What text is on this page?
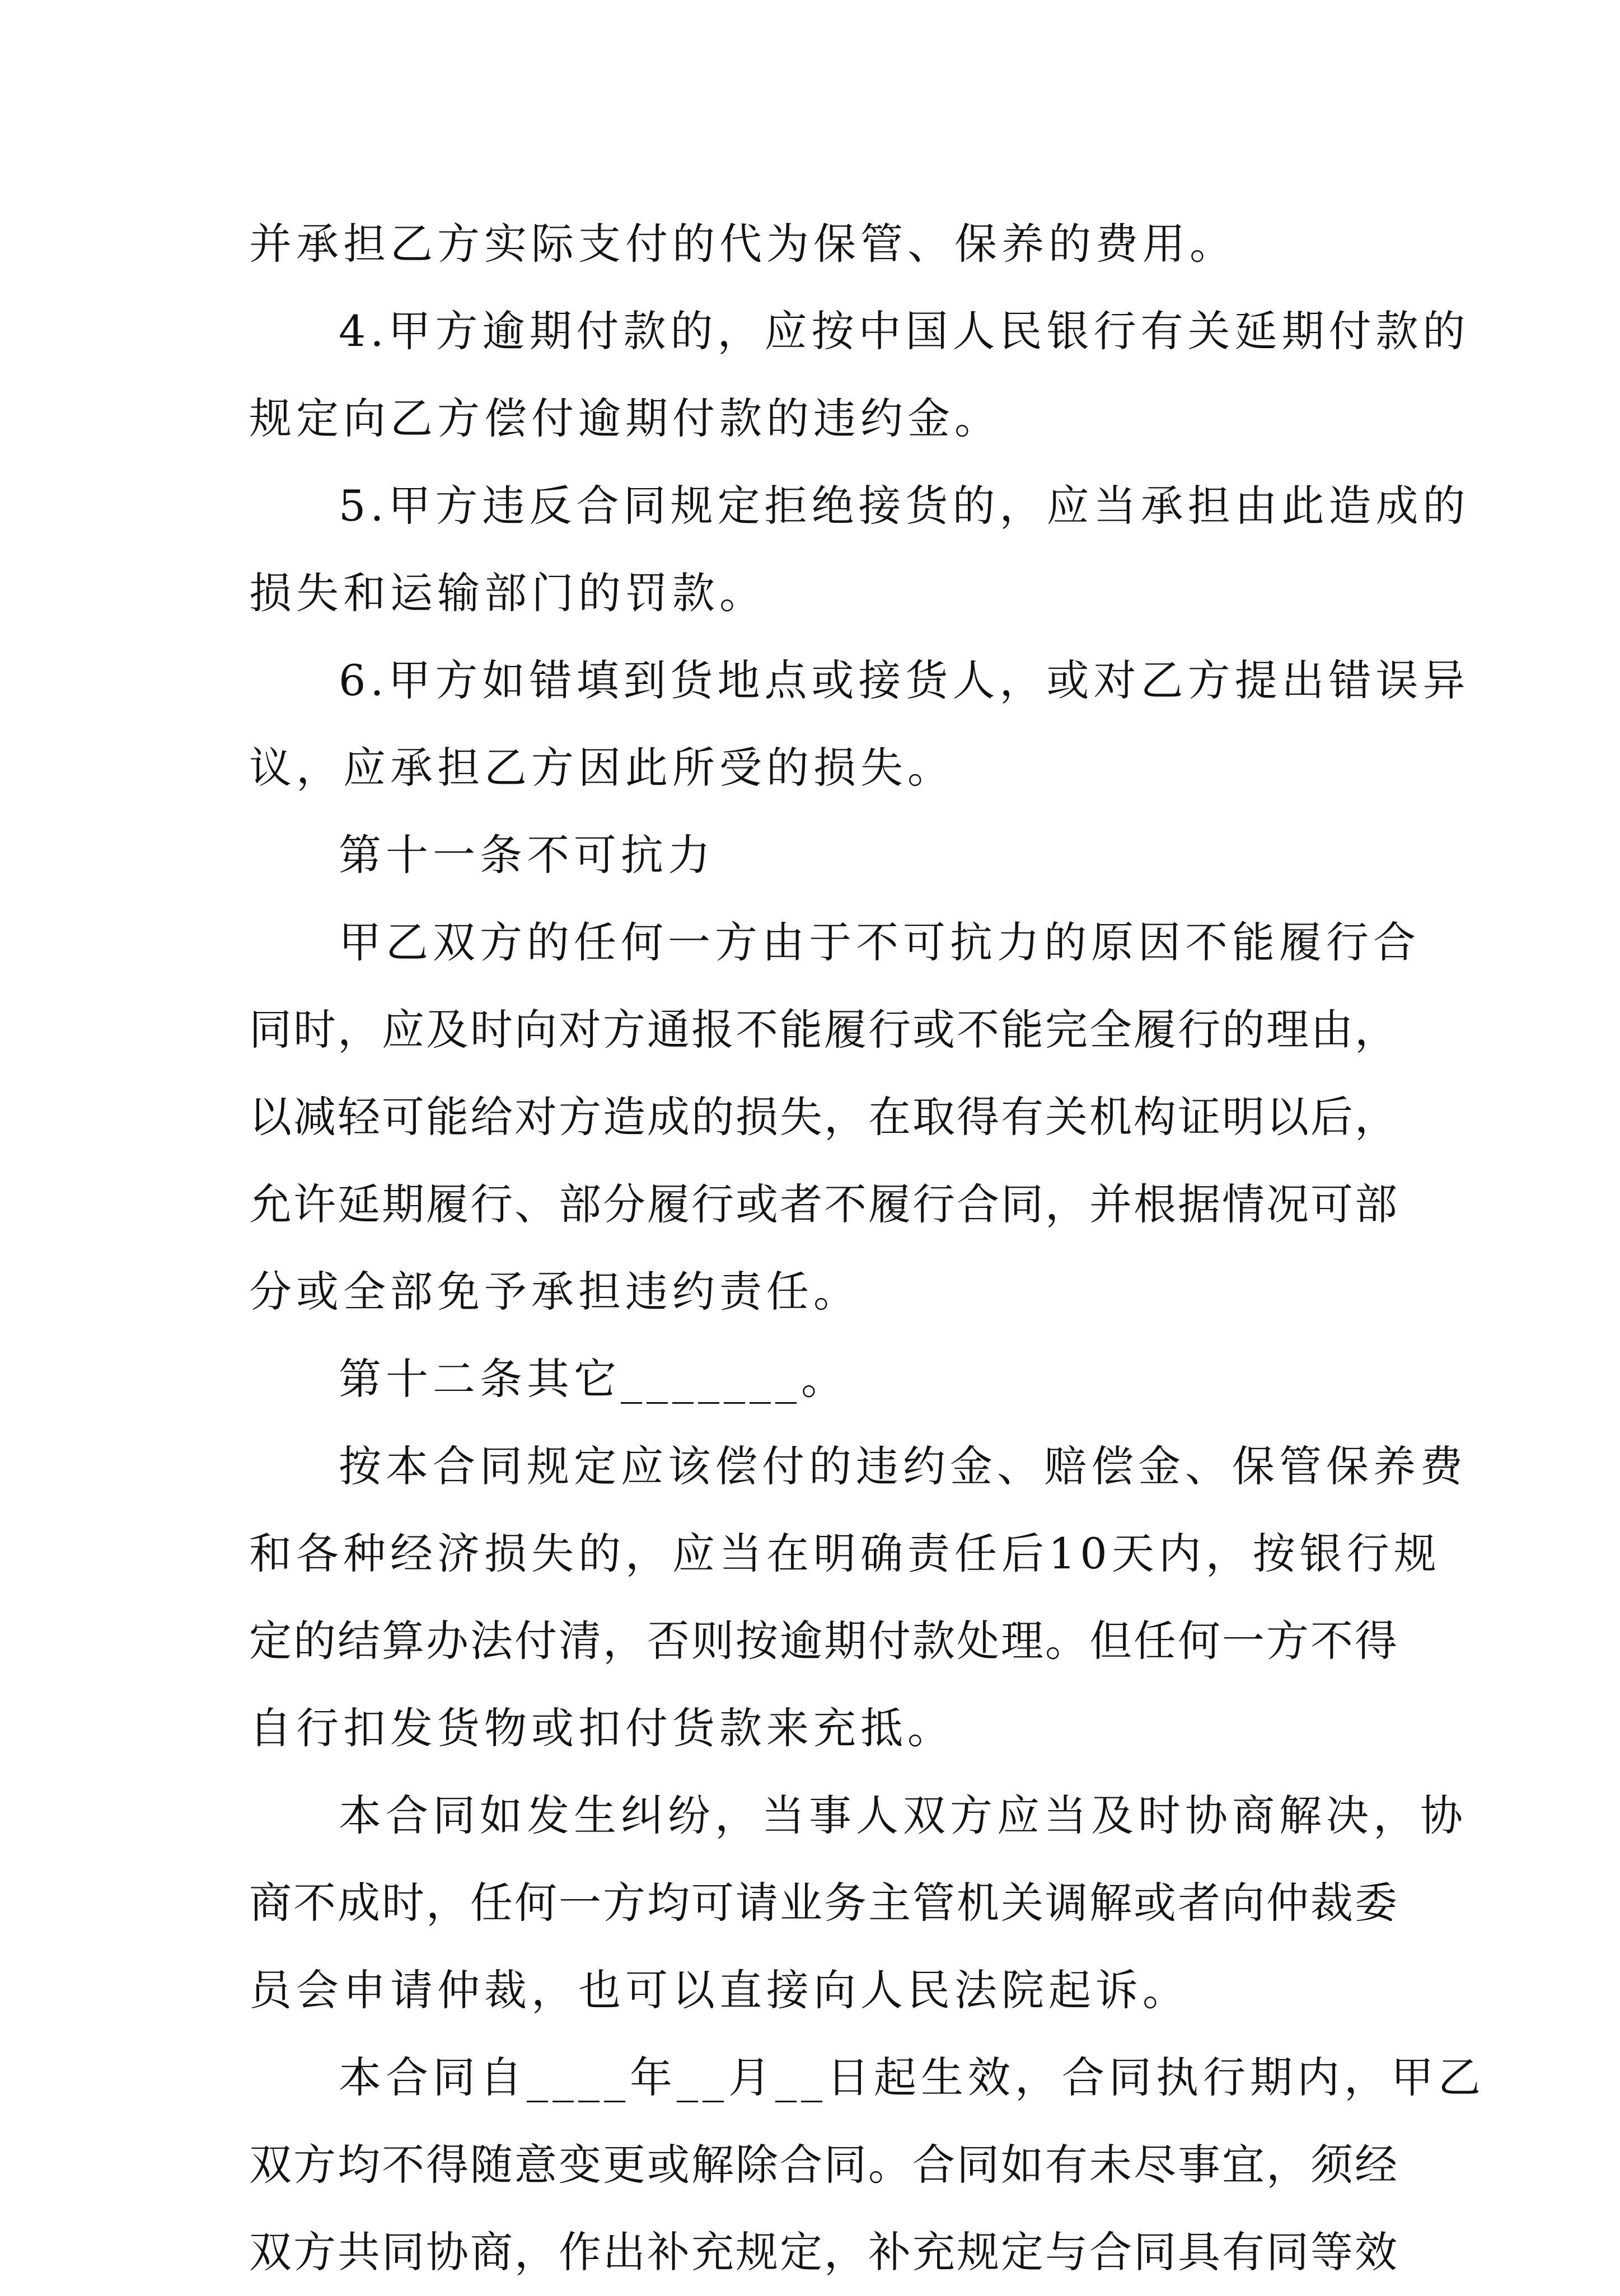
并承担乙方实际支付的代为保管、保养的费用。
4.甲方逾期付款的，应按中国人民银行有关延期付款的
规定向乙方偿付逾期付款的违约金。
5.甲方违反合同规定拒绝接货的，应当承担由此造成的
损失和运输部门的罚款。
6.甲方如错填到货地点或接货人，或对乙方提出错误异
议，应承担乙方因此所受的损失。
第十一条不可抗力
甲乙双方的任何一方由于不可抗力的原因不能履行合
同时，应及时向对方通报不能履行或不能完全履行的理由，
以减轻可能给对方造成的损失，在取得有关机构证明以后，
允许延期履行、部分履行或者不履行合同，并根据情况可部
分或全部免予承担违约责任。
第十二条其它_______。
按本合同规定应该偿付的违约金、赔偿金、保管保养费
和各种经济损失的，应当在明确责任后10天内，按银行规
定的结算办法付清，否则按逾期付款处理。但任何一方不得
自行扣发货物或扣付货款来充抵。
本合同如发生纠纷，当事人双方应当及时协商解决，协
商不成时，任何一方均可请业务主管机关调解或者向仲裁委
员会申请仲裁，也可以直接向人民法院起诉。
本合同自____年__月__日起生效，合同执行期内，甲乙
双方均不得随意变更或解除合同。合同如有未尽事宜，须经
双方共同协商，作出补充规定，补充规定与合同具有同等效
